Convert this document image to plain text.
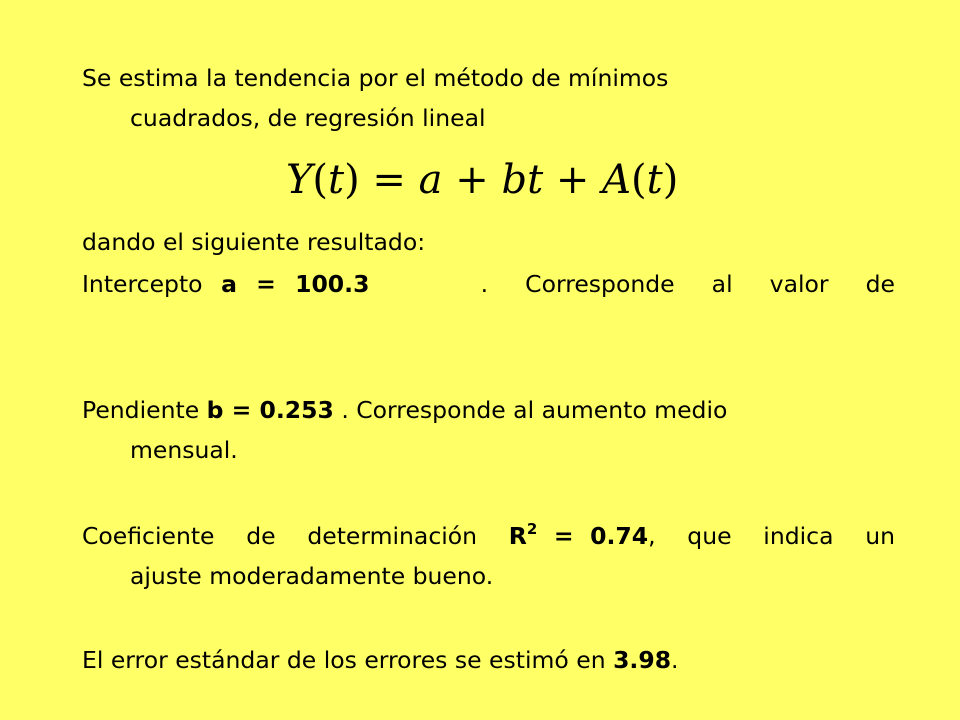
Se estima la tendencia por el método de mínimos
cuadrados, de regresión lineal

Y(t) = a + bt + A(t)

dando el siguiente resultado:

Intercepto a = 100.3      .  Corresponde  al  valor  de

Pendiente b = 0.253 . Corresponde al aumento medio
mensual.

Coeficiente  de  determinación  $R^2 = 0.74$,  que  indica  un
ajuste moderadamente bueno.

El error estándar de los errores se estimó en 3.98.
